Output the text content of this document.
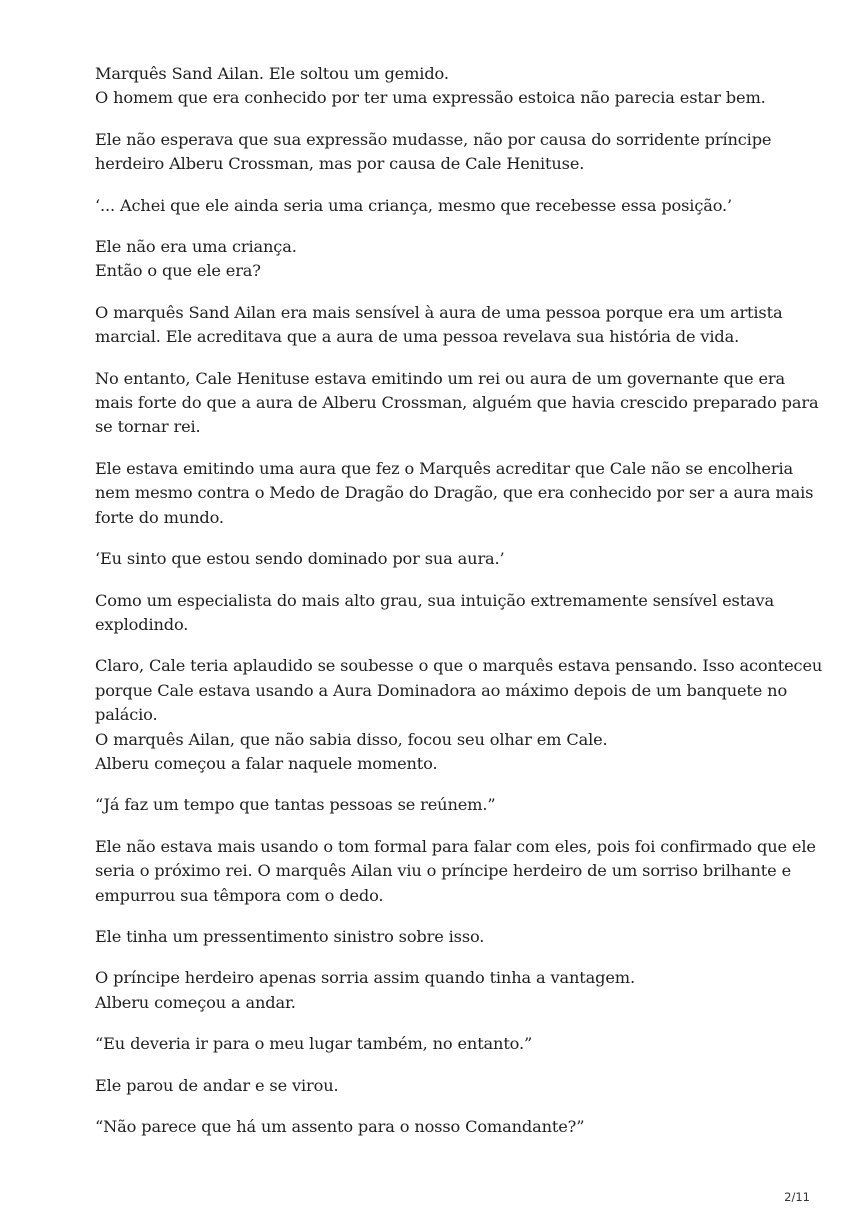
Marquês Sand Ailan. Ele soltou um gemido.
O homem que era conhecido por ter uma expressão estoica não parecia estar bem.

Ele não esperava que sua expressão mudasse, não por causa do sorridente príncipe
herdeiro Alberu Crossman, mas por causa de Cale Henituse.

‘... Achei que ele ainda seria uma criança, mesmo que recebesse essa posição.’

Ele não era uma criança.
Então o que ele era?

O marquês Sand Ailan era mais sensível à aura de uma pessoa porque era um artista
marcial. Ele acreditava que a aura de uma pessoa revelava sua história de vida.

No entanto, Cale Henituse estava emitindo um rei ou aura de um governante que era
mais forte do que a aura de Alberu Crossman, alguém que havia crescido preparado para
se tornar rei.

Ele estava emitindo uma aura que fez o Marquês acreditar que Cale não se encolheria
nem mesmo contra o Medo de Dragão do Dragão, que era conhecido por ser a aura mais
forte do mundo.

‘Eu sinto que estou sendo dominado por sua aura.’

Como um especialista do mais alto grau, sua intuição extremamente sensível estava
explodindo.

Claro, Cale teria aplaudido se soubesse o que o marquês estava pensando. Isso aconteceu
porque Cale estava usando a Aura Dominadora ao máximo depois de um banquete no
palácio.
O marquês Ailan, que não sabia disso, focou seu olhar em Cale.
Alberu começou a falar naquele momento.

“Já faz um tempo que tantas pessoas se reúnem.”

Ele não estava mais usando o tom formal para falar com eles, pois foi confirmado que ele
seria o próximo rei. O marquês Ailan viu o príncipe herdeiro de um sorriso brilhante e
empurrou sua têmpora com o dedo.

Ele tinha um pressentimento sinistro sobre isso.

O príncipe herdeiro apenas sorria assim quando tinha a vantagem.
Alberu começou a andar.

“Eu deveria ir para o meu lugar também, no entanto.”

Ele parou de andar e se virou.

“Não parece que há um assento para o nosso Comandante?”

2/11
